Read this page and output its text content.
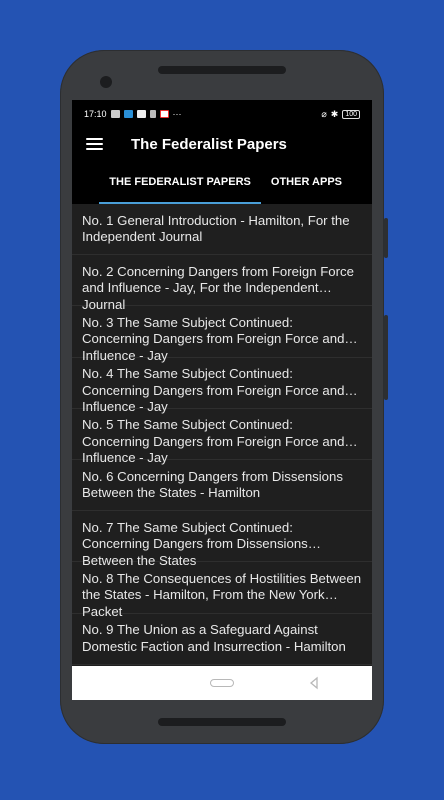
17:10	···	⌀ ✱	100
The Federalist Papers
THE FEDERALIST PAPERS	OTHER APPS
No. 1 General Introduction - Hamilton, For the Independent Journal
No. 2 Concerning Dangers from Foreign Force and Influence - Jay, For the Independent Journal
No. 3 The Same Subject Continued: Concerning Dangers from Foreign Force and Influence - Jay
No. 4 The Same Subject Continued: Concerning Dangers from Foreign Force and Influence - Jay
No. 5 The Same Subject Continued: Concerning Dangers from Foreign Force and Influence - Jay
No. 6 Concerning Dangers from Dissensions Between the States - Hamilton
No. 7 The Same Subject Continued: Concerning Dangers from Dissensions Between the States
No. 8 The Consequences of Hostilities Between the States - Hamilton, From the New York Packet
No. 9 The Union as a Safeguard Against Domestic Faction and Insurrection - Hamilton
